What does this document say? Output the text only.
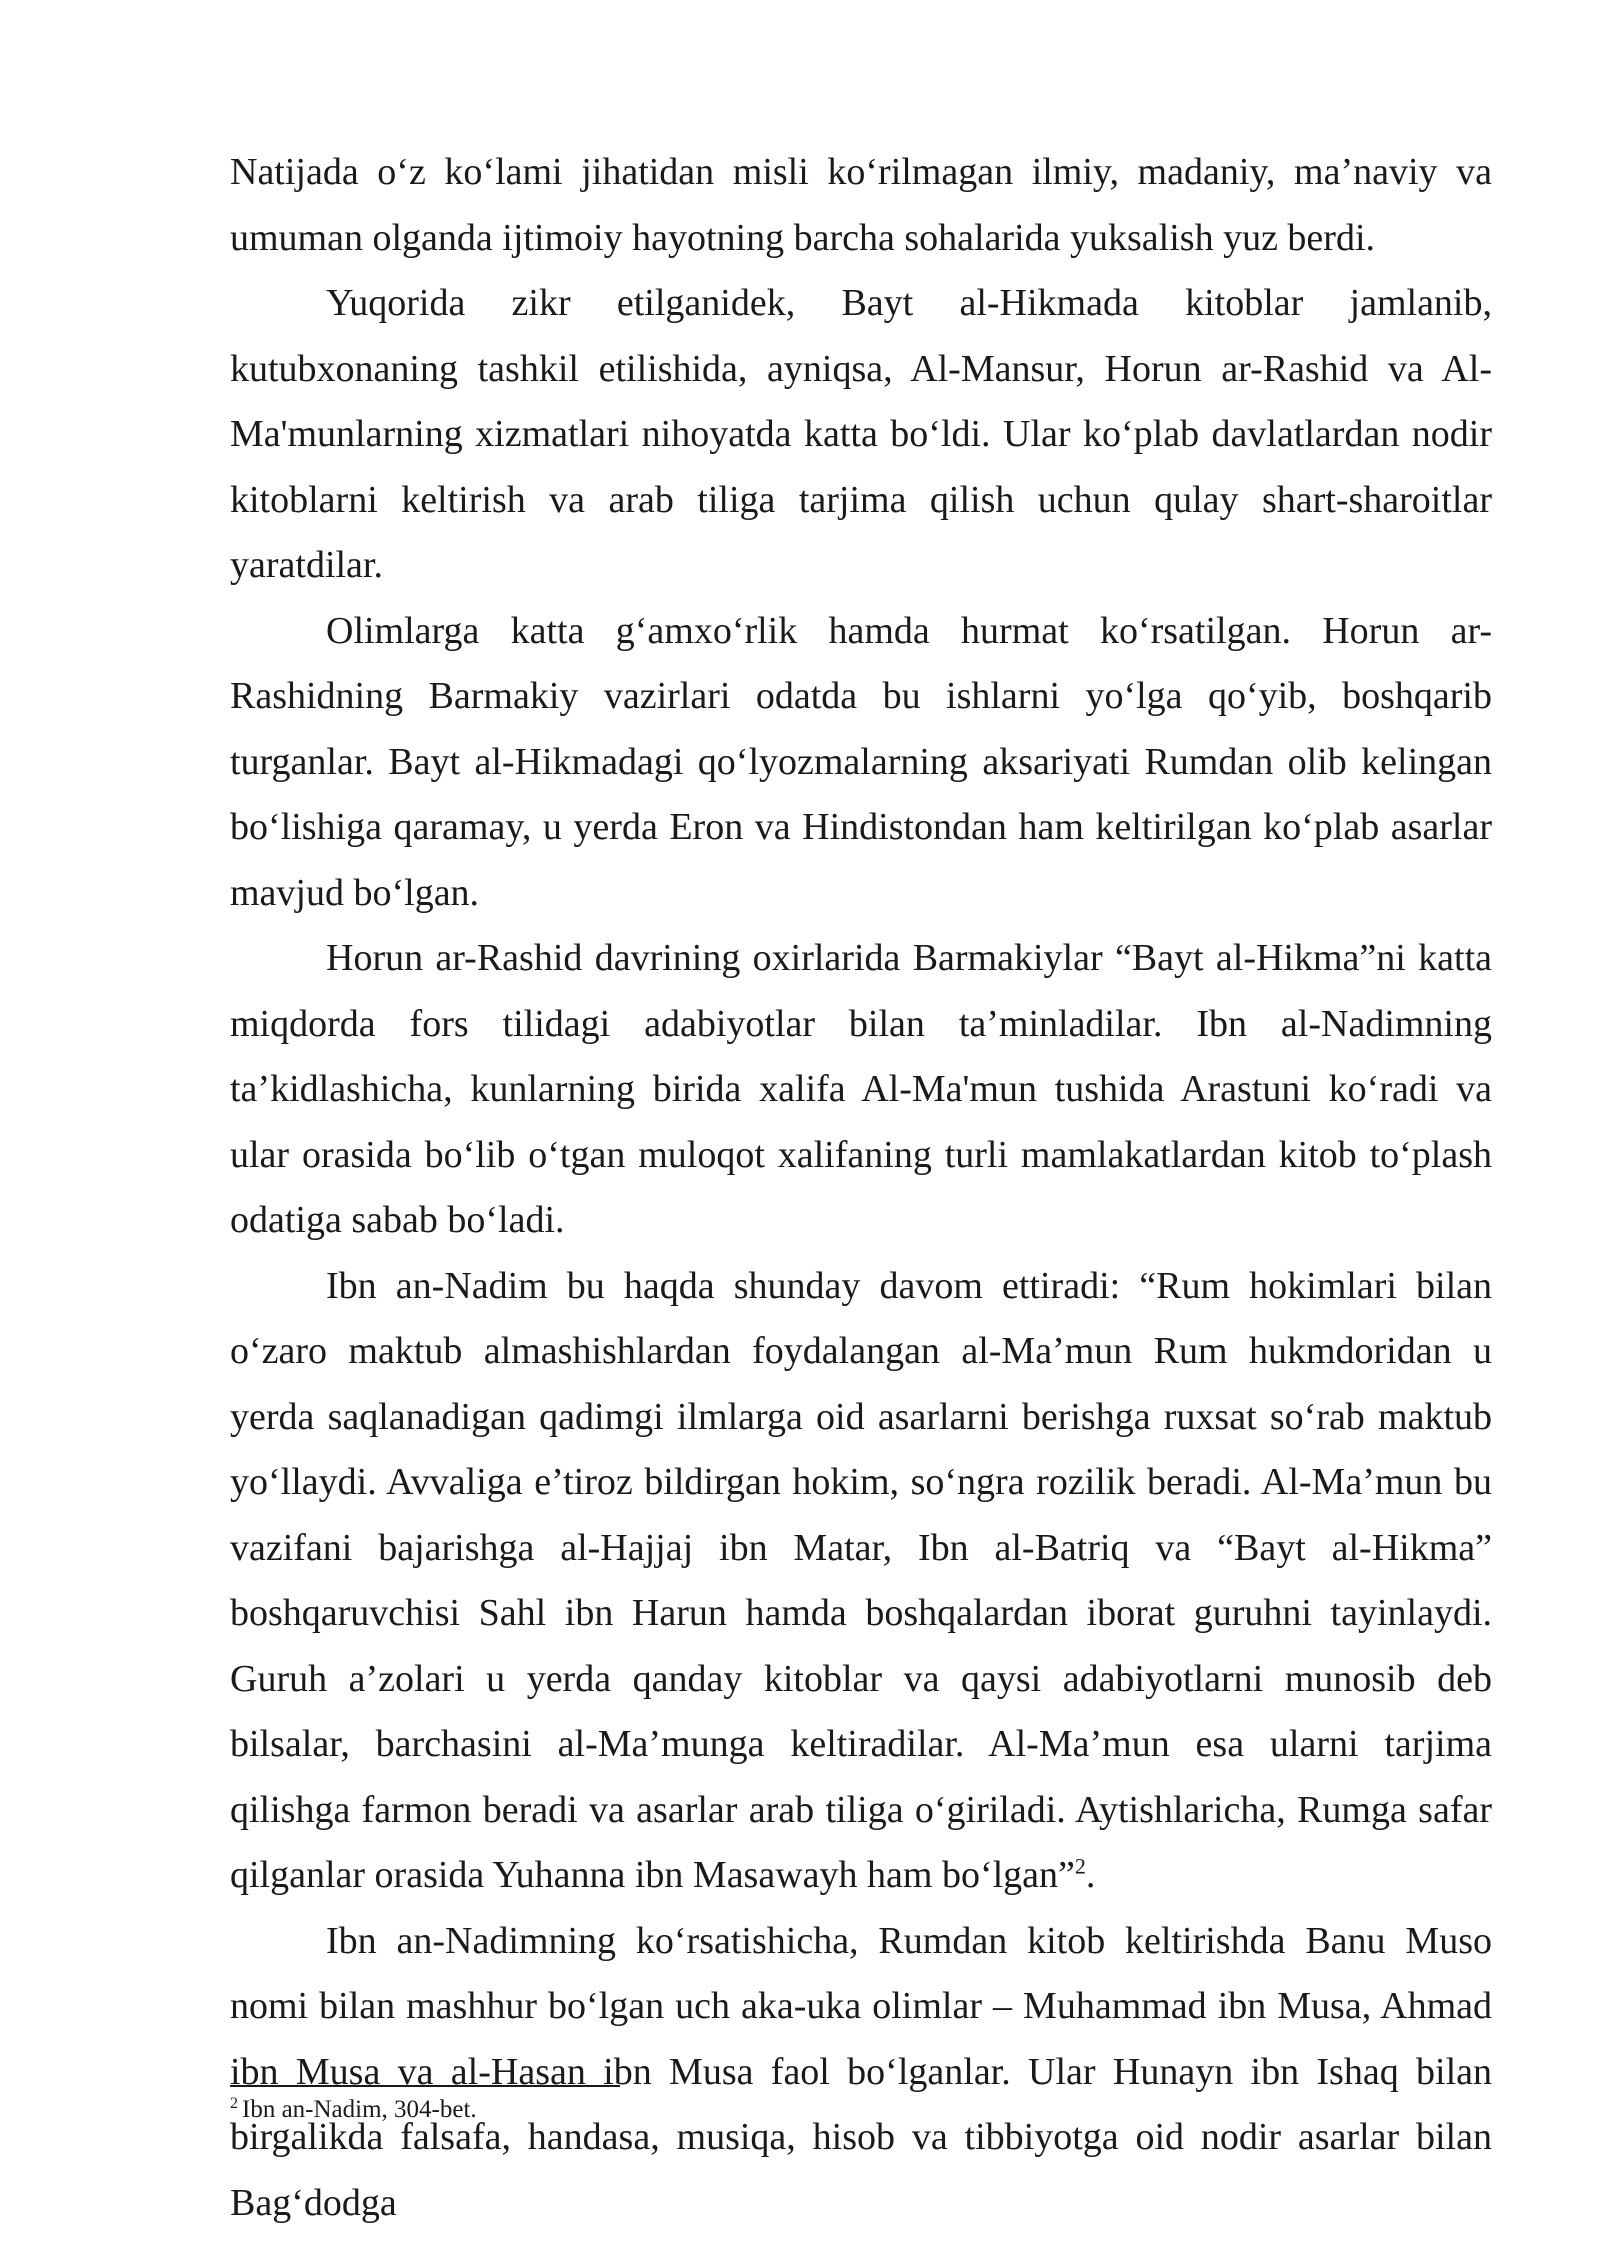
Natijada o‘z ko‘lami jihatidan misli ko‘rilmagan ilmiy, madaniy, ma’naviy va umuman olganda ijtimoiy hayotning barcha sohalarida yuksalish yuz berdi.

Yuqorida zikr etilganidek, Bayt al-Hikmada kitoblar jamlanib, kutubxonaning tashkil etilishida, ayniqsa, Al-Mansur, Horun ar-Rashid va Al-Ma'munlarning xizmatlari nihoyatda katta bo‘ldi. Ular ko‘plab davlatlardan nodir kitoblarni keltirish va arab tiliga tarjima qilish uchun qulay shart-sharoitlar yaratdilar.

Olimlarga katta g‘amxo‘rlik hamda hurmat ko‘rsatilgan. Horun ar-Rashidning Barmakiy vazirlari odatda bu ishlarni yo‘lga qo‘yib, boshqarib turganlar. Bayt al-Hikmadagi qo‘lyozmalarning aksariyati Rumdan olib kelingan bo‘lishiga qaramay, u yerda Eron va Hindistondan ham keltirilgan ko‘plab asarlar mavjud bo‘lgan.

Horun ar-Rashid davrining oxirlarida Barmakiylar “Bayt al-Hikma”ni katta miqdorda fors tilidagi adabiyotlar bilan ta’minladilar. Ibn al-Nadimning ta’kidlashicha, kunlarning birida xalifa Al-Ma'mun tushida Arastuni ko‘radi va ular orasida bo‘lib o‘tgan muloqot xalifaning turli mamlakatlardan kitob to‘plash odatiga sabab bo‘ladi.

Ibn an-Nadim bu haqda shunday davom ettiradi: “Rum hokimlari bilan o‘zaro maktub almashishlardan foydalangan al-Ma’mun Rum hukmdoridan u yerda saqlanadigan qadimgi ilmlarga oid asarlarni berishga ruxsat so‘rab maktub yo‘llaydi. Avvaliga e’tiroz bildirgan hokim, so‘ngra rozilik beradi. Al-Ma’mun bu vazifani bajarishga al-Hajjaj ibn Matar, Ibn al-Batriq va “Bayt al-Hikma” boshqaruvchisi Sahl ibn Harun hamda boshqalardan iborat guruhni tayinlaydi. Guruh a’zolari u yerda qanday kitoblar va qaysi adabiyotlarni munosib deb bilsalar, barchasini al-Ma’munga keltiradilar. Al-Ma’mun esa ularni tarjima qilishga farmon beradi va asarlar arab tiliga o‘giriladi. Aytishlaricha, Rumga safar qilganlar orasida Yuhanna ibn Masawayh ham bo‘lgan”$^2$.

Ibn an-Nadimning ko‘rsatishicha, Rumdan kitob keltirishda Banu Muso nomi bilan mashhur bo‘lgan uch aka-uka olimlar – Muhammad ibn Musa, Ahmad ibn Musa va al-Hasan ibn Musa faol bo‘lganlar. Ular Hunayn ibn Ishaq bilan birgalikda falsafa, handasa, musiqa, hisob va tibbiyotga oid nodir asarlar bilan Bag‘dodga

$^2$ Ibn an-Nadim, 304-bet.
